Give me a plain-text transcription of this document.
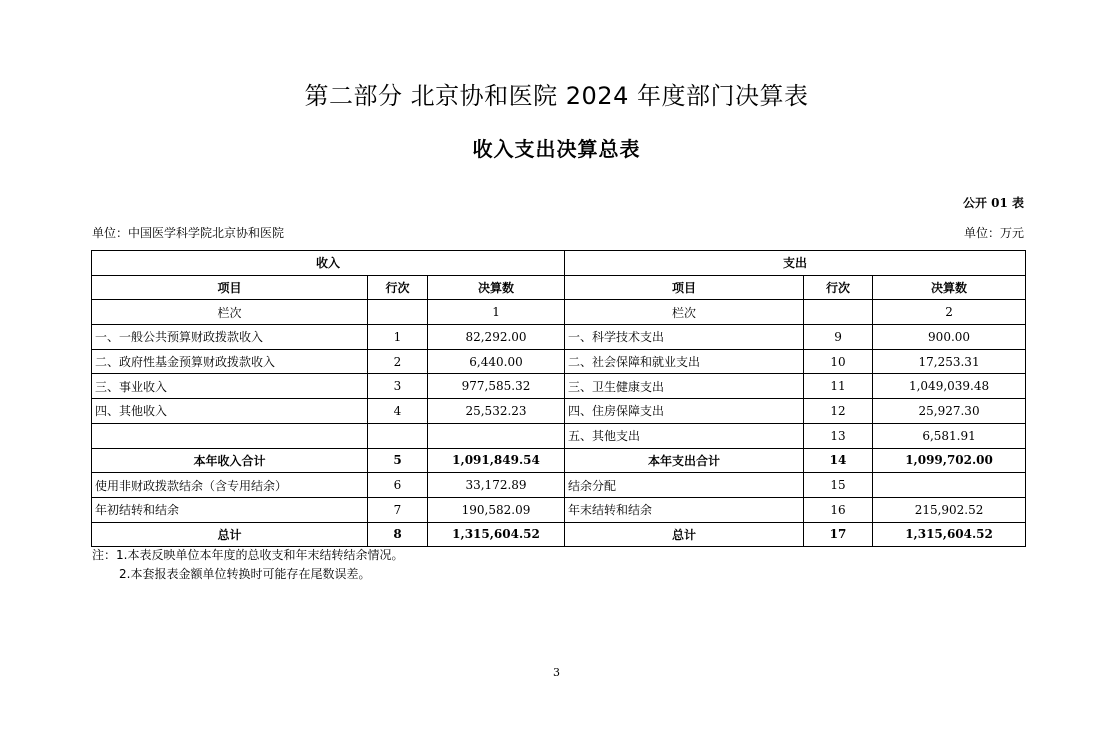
第二部分 北京协和医院 2024 年度部门决算表
收入支出决算总表
公开 01 表
单位：中国医学科学院北京协和医院	单位：万元
收入			支出		
项目	行次	决算数	项目	行次	决算数
栏次		1	栏次		2
一、一般公共预算财政拨款收入	1	82,292.00	一、科学技术支出	9	900.00
二、政府性基金预算财政拨款收入	2	6,440.00	二、社会保障和就业支出	10	17,253.31
三、事业收入	3	977,585.32	三、卫生健康支出	11	1,049,039.48
四、其他收入	4	25,532.23	四、住房保障支出	12	25,927.30
			五、其他支出	13	6,581.91
本年收入合计	5	1,091,849.54	本年支出合计	14	1,099,702.00
使用非财政拨款结余（含专用结余）	6	33,172.89	结余分配	15	
年初结转和结余	7	190,582.09	年末结转和结余	16	215,902.52
总计	8	1,315,604.52	总计	17	1,315,604.52
注：1.本表反映单位本年度的总收支和年末结转结余情况。
2.本套报表金额单位转换时可能存在尾数误差。
3
